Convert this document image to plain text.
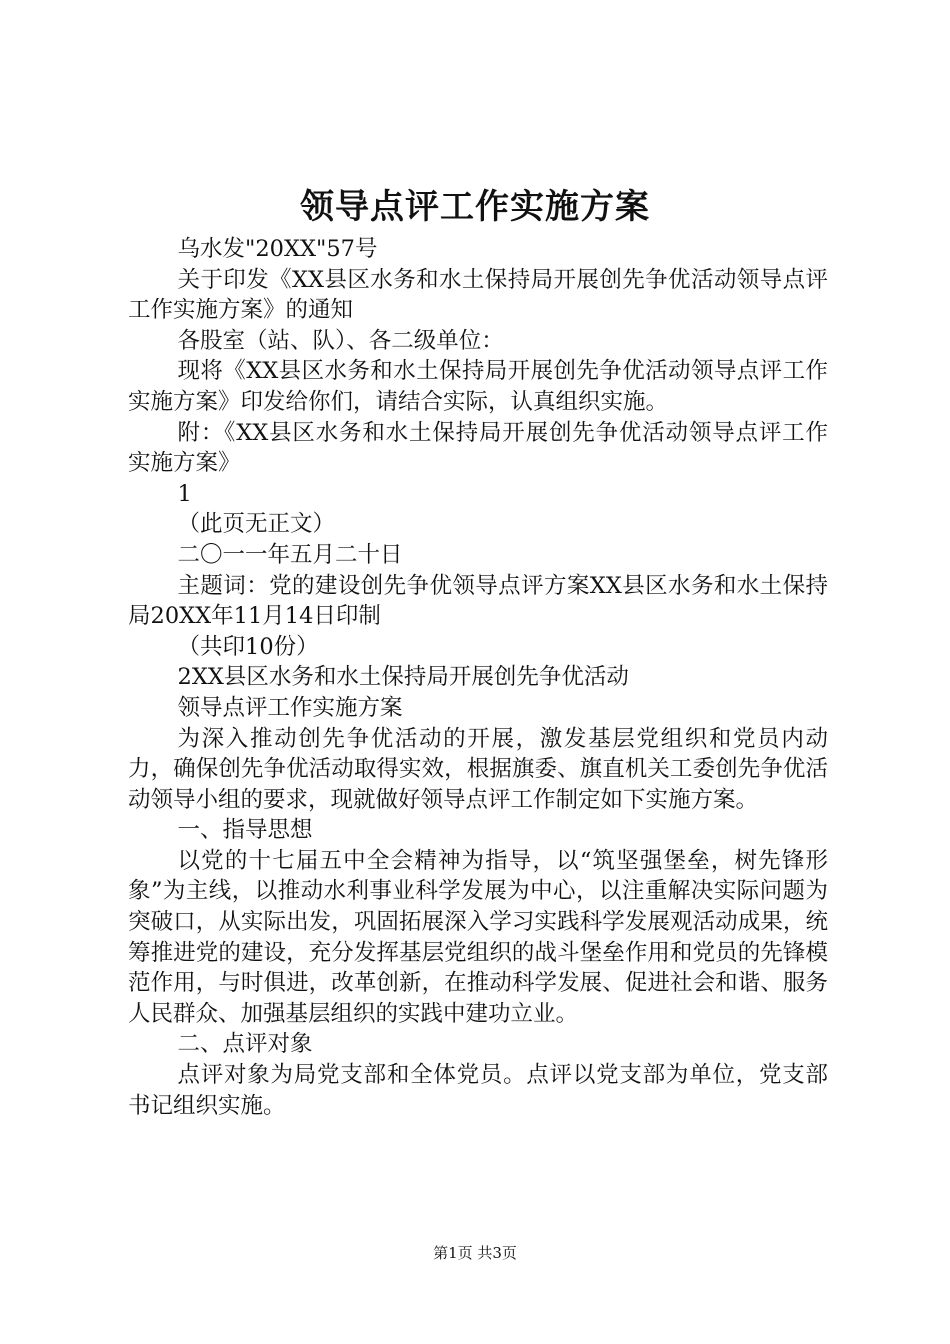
领导点评工作实施方案

乌水发"20XX"57号

关于印发《XX县区水务和水土保持局开展创先争优活动领导点评工作实施方案》的通知

各股室（站、队）、各二级单位：

现将《XX县区水务和水土保持局开展创先争优活动领导点评工作实施方案》印发给你们，请结合实际，认真组织实施。

附：《XX县区水务和水土保持局开展创先争优活动领导点评工作实施方案》

1

（此页无正文）

二〇一一年五月二十日

主题词：党的建设创先争优领导点评方案XX县区水务和水土保持局20XX年11月14日印制

（共印10份）

2XX县区水务和水土保持局开展创先争优活动

领导点评工作实施方案

为深入推动创先争优活动的开展，激发基层党组织和党员内动力，确保创先争优活动取得实效，根据旗委、旗直机关工委创先争优活动领导小组的要求，现就做好领导点评工作制定如下实施方案。

一、指导思想

以党的十七届五中全会精神为指导，以“筑坚强堡垒，树先锋形象”为主线，以推动水利事业科学发展为中心，以注重解决实际问题为突破口，从实际出发，巩固拓展深入学习实践科学发展观活动成果，统筹推进党的建设，充分发挥基层党组织的战斗堡垒作用和党员的先锋模范作用，与时俱进，改革创新，在推动科学发展、促进社会和谐、服务人民群众、加强基层组织的实践中建功立业。

二、点评对象

点评对象为局党支部和全体党员。点评以党支部为单位，党支部书记组织实施。

第1页 共3页
